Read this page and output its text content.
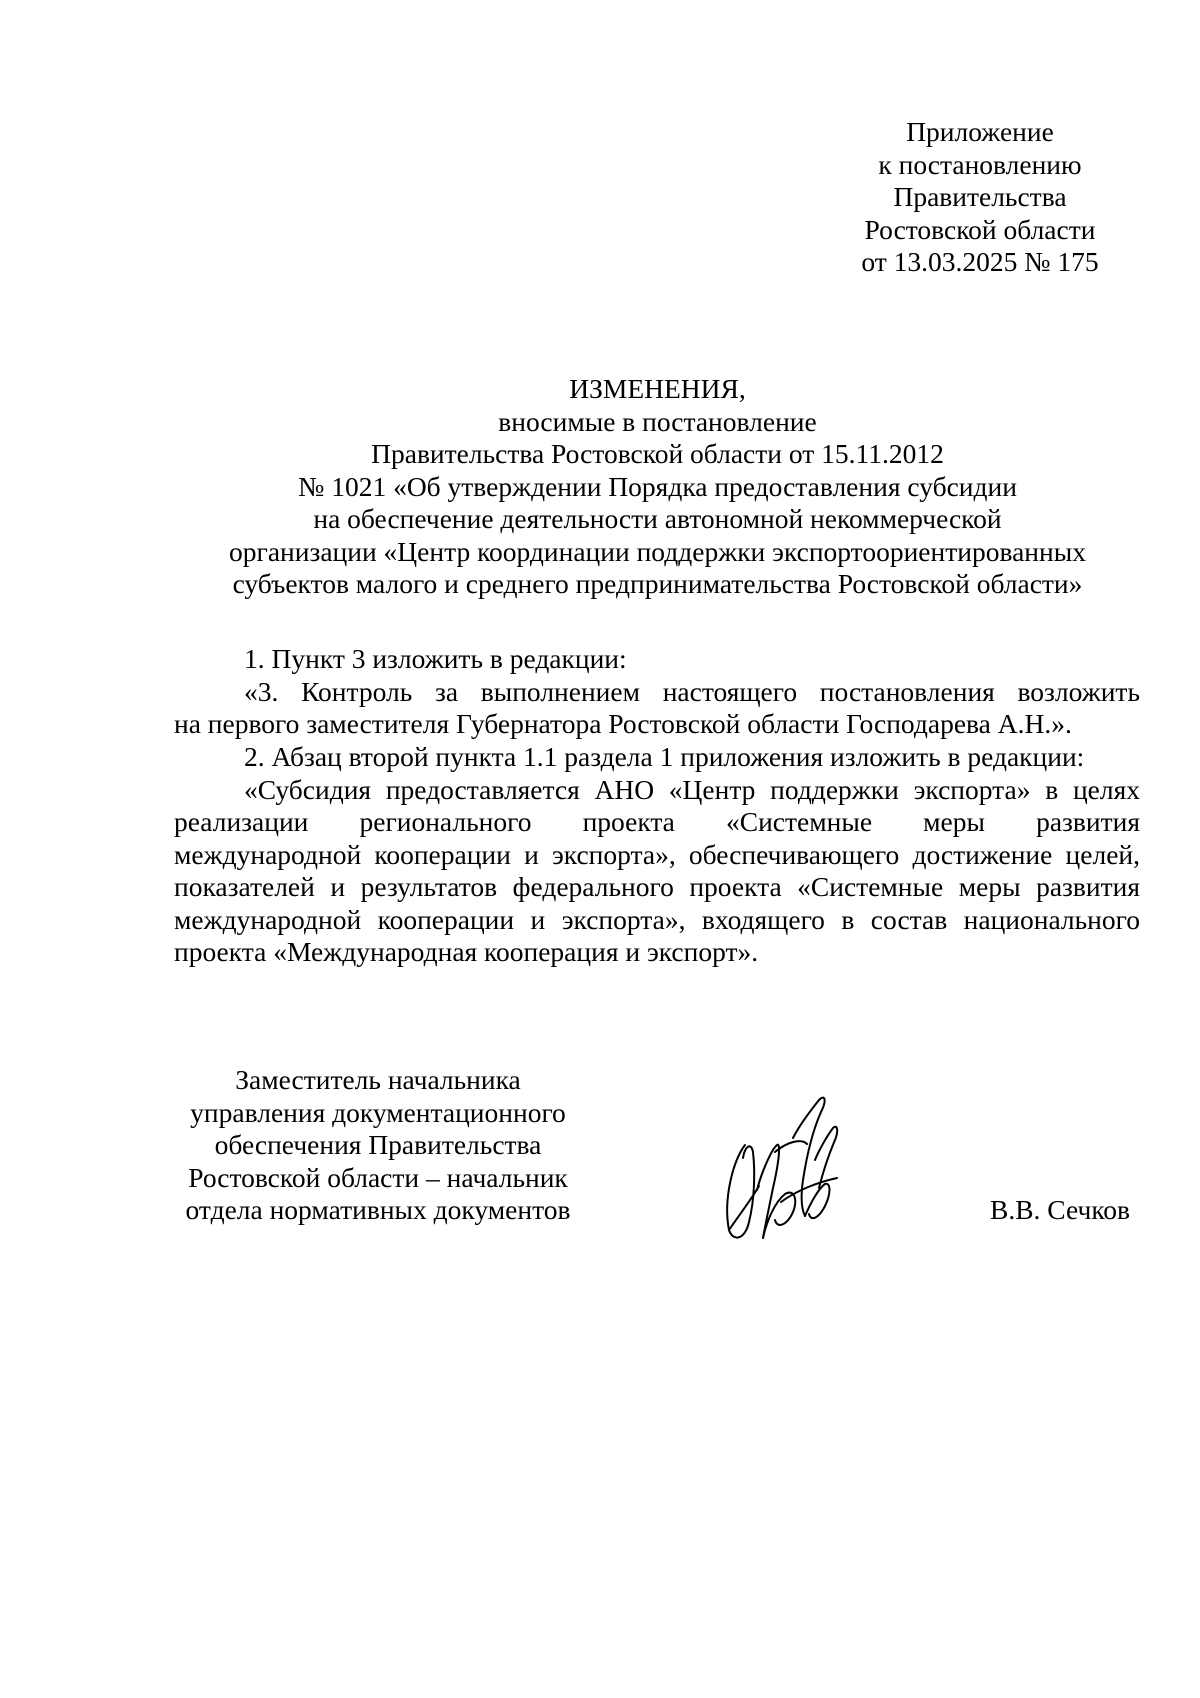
Приложение
к постановлению
Правительства
Ростовской области
от 13.03.2025 № 175
ИЗМЕНЕНИЯ,
вносимые в постановление
Правительства Ростовской области от 15.11.2012
№ 1021 «Об утверждении Порядка предоставления субсидии
на обеспечение деятельности автономной некоммерческой
организации «Центр координации поддержки экспортоориентированных
субъектов малого и среднего предпринимательства Ростовской области»
1. Пункт 3 изложить в редакции:
«3. Контроль за выполнением настоящего постановления возложить
на первого заместителя Губернатора Ростовской области Господарева А.Н.».
2. Абзац второй пункта 1.1 раздела 1 приложения изложить в редакции:
«Субсидия предоставляется АНО «Центр поддержки экспорта» в целях
реализации регионального проекта «Системные меры развития
международной кооперации и экспорта», обеспечивающего достижение целей,
показателей и результатов федерального проекта «Системные меры развития
международной кооперации и экспорта», входящего в состав национального
проекта «Международная кооперация и экспорт».
Заместитель начальника
управления документационного
обеспечения Правительства
Ростовской области – начальник
отдела нормативных документов	В.В. Сечков
